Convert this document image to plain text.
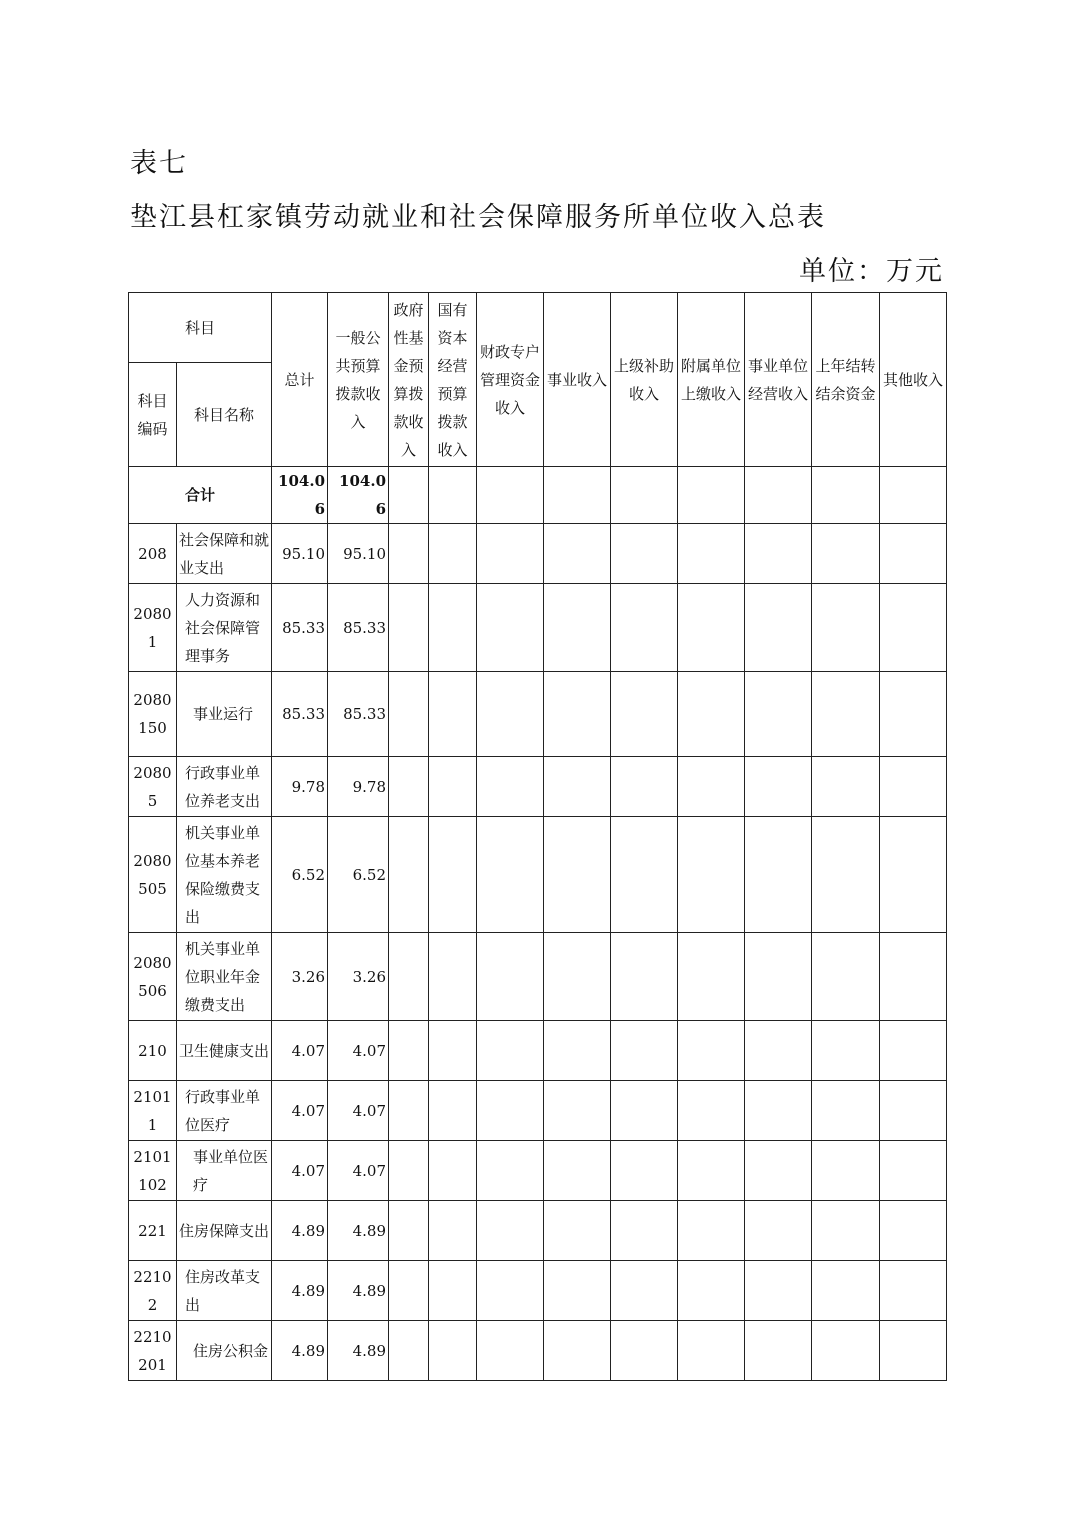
表七
垫江县杠家镇劳动就业和社会保障服务所单位收入总表
单位：万元
科目		总计	一般公共预算拨款收入	政府性基金预算拨款收入	国有资本经营预算拨款收入	财政专户管理资金收入	事业收入	上级补助收入	附属单位上缴收入	事业单位经营收入	上年结转结余资金	其他收入
科目编码	科目名称											
合计		104.06	104.06									
208	社会保障和就业支出	95.10	95.10									
20801	人力资源和社会保障管理事务	85.33	85.33									
2080150	事业运行	85.33	85.33									
20805	行政事业单位养老支出	9.78	9.78									
2080505	机关事业单位基本养老保险缴费支出	6.52	6.52									
2080506	机关事业单位职业年金缴费支出	3.26	3.26									
210	卫生健康支出	4.07	4.07									
21011	行政事业单位医疗	4.07	4.07									
2101102	事业单位医疗	4.07	4.07									
221	住房保障支出	4.89	4.89									
22102	住房改革支出	4.89	4.89									
2210201	住房公积金	4.89	4.89									
